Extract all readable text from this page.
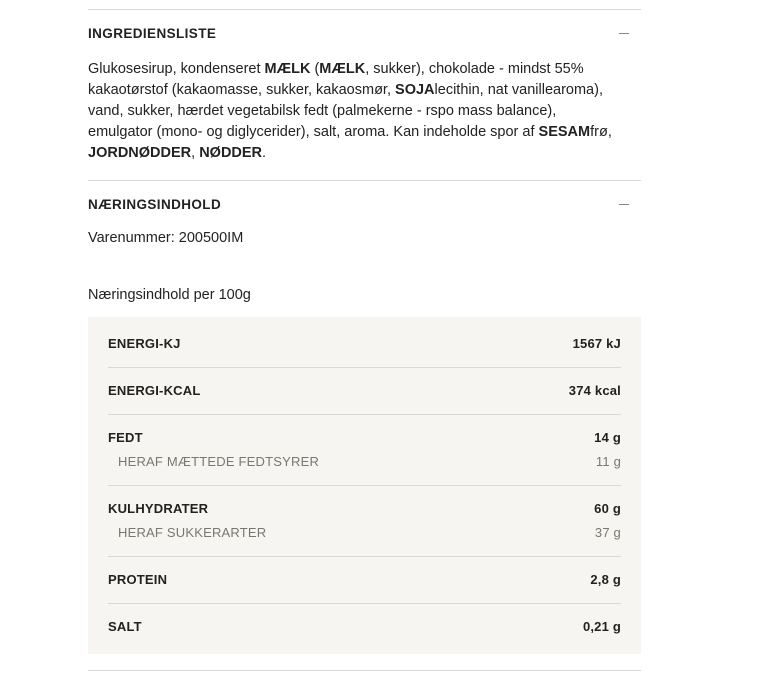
INGREDIENSLISTE
Glukosesirup, kondenseret MÆLK (MÆLK, sukker), chokolade - mindst 55%
kakaotørstof (kakaomasse, sukker, kakaosmør, SOJAlecithin, nat vanillearoma),
vand, sukker, hærdet vegetabilsk fedt (palmekerne - rspo mass balance),
emulgator (mono- og diglycerider), salt, aroma. Kan indeholde spor af SESAMfrø,
JORDNØDDER, NØDDER.
NÆRINGSINDHOLD
Varenummer: 200500IM
Næringsindhold per 100g
ENERGI-KJ	1567 kJ
ENERGI-KCAL	374 kcal
FEDT	14 g
HERAF MÆTTEDE FEDTSYRER	11 g
KULHYDRATER	60 g
HERAF SUKKERARTER	37 g
PROTEIN	2,8 g
SALT	0,21 g
